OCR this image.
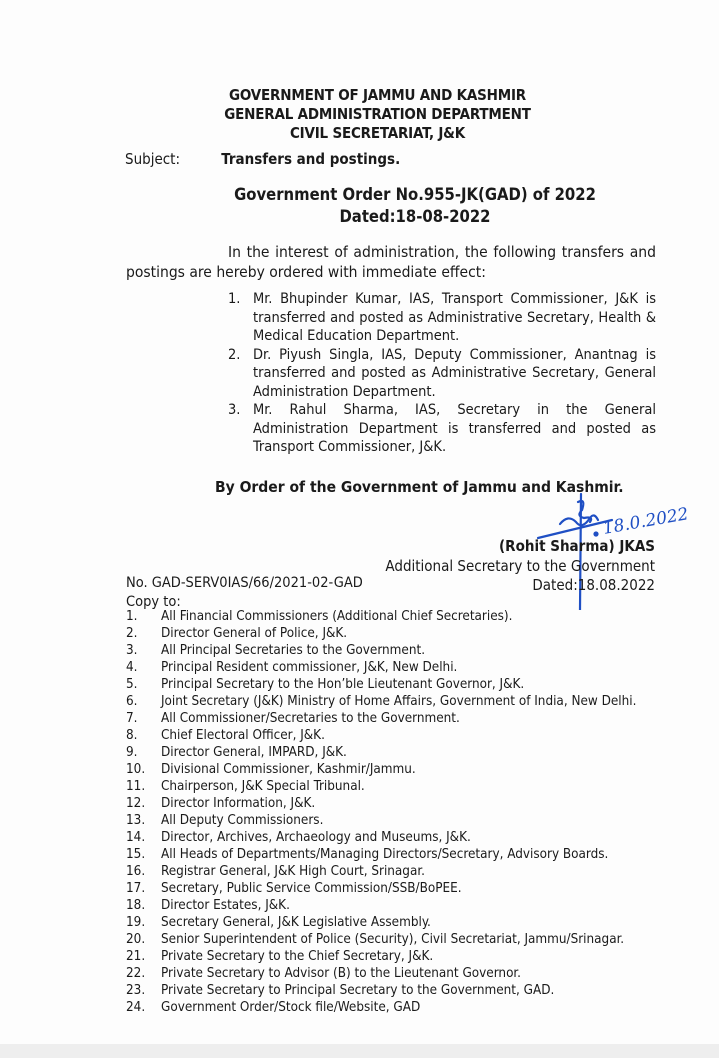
GOVERNMENT OF JAMMU AND KASHMIR
GENERAL ADMINISTRATION DEPARTMENT
CIVIL SECRETARIAT, J&K
Subject:	Transfers and postings.
Government Order No.955-JK(GAD) of 2022
Dated:18-08-2022
In the interest of administration, the following transfers and postings are hereby ordered with immediate effect:
1. Mr. Bhupinder Kumar, IAS, Transport Commissioner, J&K is transferred and posted as Administrative Secretary, Health & Medical Education Department.
2. Dr. Piyush Singla, IAS, Deputy Commissioner, Anantnag is transferred and posted as Administrative Secretary, General Administration Department.
3. Mr. Rahul Sharma, IAS, Secretary in the General Administration Department is transferred and posted as Transport Commissioner, J&K.
By Order of the Government of Jammu and Kashmir.
18.0.2022
(Rohit Sharma) JKAS
Additional Secretary to the Government
Dated:18.08.2022
No. GAD-SERV0IAS/66/2021-02-GAD
Copy to:
1.	All Financial Commissioners (Additional Chief Secretaries).
2.	Director General of Police, J&K.
3.	All Principal Secretaries to the Government.
4.	Principal Resident commissioner, J&K, New Delhi.
5.	Principal Secretary to the Hon’ble Lieutenant Governor, J&K.
6.	Joint Secretary (J&K) Ministry of Home Affairs, Government of India, New Delhi.
7.	All Commissioner/Secretaries to the Government.
8.	Chief Electoral Officer, J&K.
9.	Director General, IMPARD, J&K.
10.	Divisional Commissioner, Kashmir/Jammu.
11.	Chairperson, J&K Special Tribunal.
12.	Director Information, J&K.
13.	All Deputy Commissioners.
14.	Director, Archives, Archaeology and Museums, J&K.
15.	All Heads of Departments/Managing Directors/Secretary, Advisory Boards.
16.	Registrar General, J&K High Court, Srinagar.
17.	Secretary, Public Service Commission/SSB/BoPEE.
18.	Director Estates, J&K.
19.	Secretary General, J&K Legislative Assembly.
20.	Senior Superintendent of Police (Security), Civil Secretariat, Jammu/Srinagar.
21.	Private Secretary to the Chief Secretary, J&K.
22.	Private Secretary to Advisor (B) to the Lieutenant Governor.
23.	Private Secretary to Principal Secretary to the Government, GAD.
24.	Government Order/Stock file/Website, GAD
